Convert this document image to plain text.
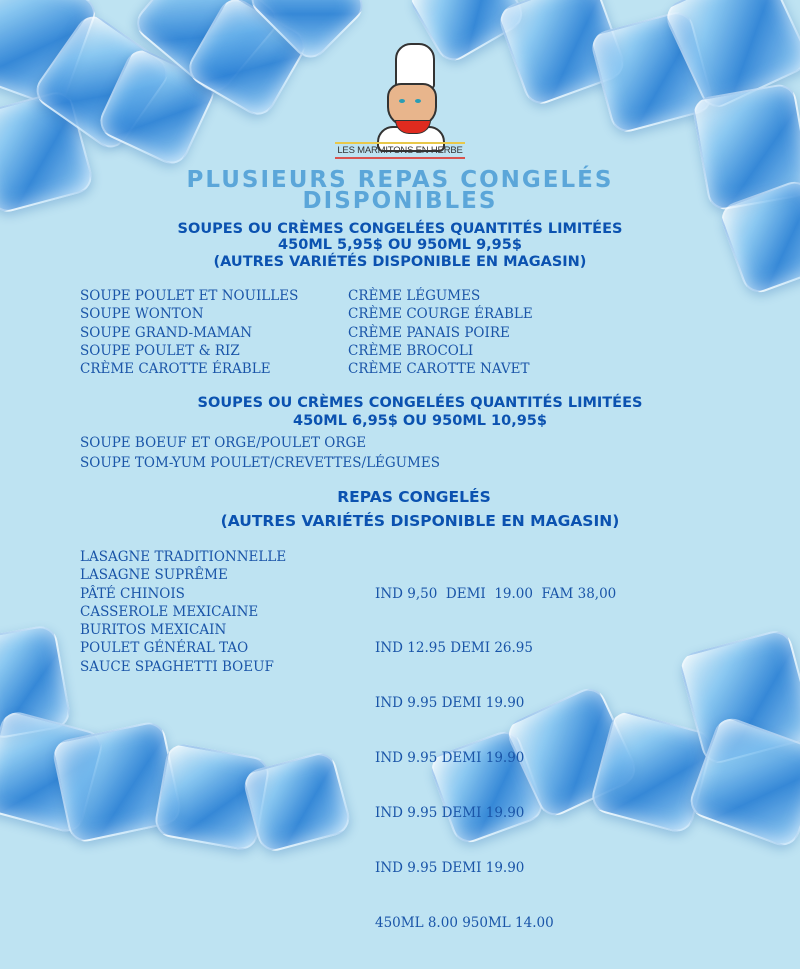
LES MARMITONS EN HERBE
PLUSIEURS REPAS CONGELÉS
DISPONIBLES
SOUPES OU CRÈMES CONGELÉES QUANTITÉS LIMITÉES
450ML 5,95$ OU 950ML 9,95$
(AUTRES VARIÉTÉS DISPONIBLE EN MAGASIN)
SOUPE POULET ET NOUILLES
SOUPE WONTON
SOUPE GRAND-MAMAN
SOUPE POULET & RIZ
CRÈME CAROTTE ÉRABLE
CRÈME LÉGUMES
CRÈME COURGE ÉRABLE
CRÈME PANAIS POIRE
CRÈME BROCOLI
CRÈME CAROTTE NAVET
SOUPES OU CRÈMES CONGELÉES QUANTITÉS LIMITÉES
450ML 6,95$ OU 950ML 10,95$
SOUPE BOEUF ET ORGE/POULET ORGE
SOUPE TOM-YUM POULET/CREVETTES/LÉGUMES
REPAS CONGELÉS
(AUTRES VARIÉTÉS DISPONIBLE EN MAGASIN)
LASAGNE TRADITIONNELLE
LASAGNE SUPRÊME
PÂTÉ CHINOIS
CASSEROLE MEXICAINE
BURITOS MEXICAIN
POULET GÉNÉRAL TAO
SAUCE SPAGHETTI BOEUF

IND 9,50  DEMI  19.00  FAM 38,00

IND 12.95 DEMI 26.95

IND 9.95 DEMI 19.90

IND 9.95 DEMI 19.90

IND 9.95 DEMI 19.90

IND 9.95 DEMI 19.90

450ML 8.00 950ML 14.00
